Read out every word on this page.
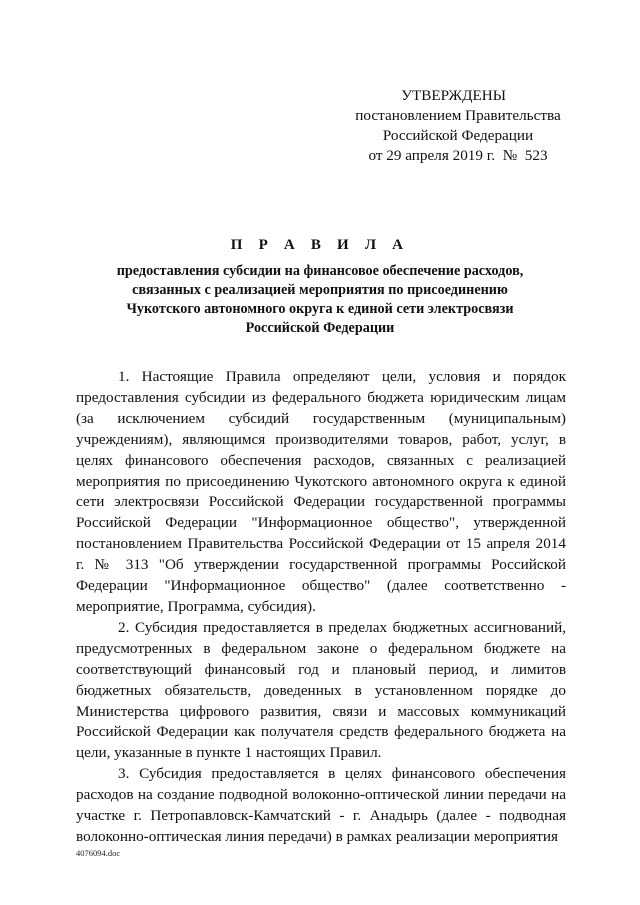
УТВЕРЖДЕНЫ
постановлением Правительства
Российской Федерации
от 29 апреля 2019 г.  №  523
П Р А В И Л А
предоставления субсидии на финансовое обеспечение расходов,
связанных с реализацией мероприятия по присоединению
Чукотского автономного округа к единой сети электросвязи
Российской Федерации

1. Настоящие Правила определяют цели, условия и порядок предоставления субсидии из федерального бюджета юридическим лицам (за исключением субсидий государственным (муниципальным) учреждениям), являющимся производителями товаров, работ, услуг, в целях финансового обеспечения расходов, связанных с реализацией мероприятия по присоединению Чукотского автономного округа к единой сети электросвязи Российской Федерации государственной программы Российской Федерации "Информационное общество", утвержденной постановлением Правительства Российской Федерации от 15 апреля 2014 г. № 313 "Об утверждении государственной программы Российской Федерации "Информационное общество" (далее соответственно - мероприятие, Программа, субсидия).

2. Субсидия предоставляется в пределах бюджетных ассигнований, предусмотренных в федеральном законе о федеральном бюджете на соответствующий финансовый год и плановый период, и лимитов бюджетных обязательств, доведенных в установленном порядке до Министерства цифрового развития, связи и массовых коммуникаций Российской Федерации как получателя средств федерального бюджета на цели, указанные в пункте 1 настоящих Правил.

3. Субсидия предоставляется в целях финансового обеспечения расходов на создание подводной волоконно-оптической линии передачи на участке г. Петропавловск-Камчатский - г. Анадырь (далее - подводная волоконно-оптическая линия передачи) в рамках реализации мероприятия

4076094.doc
